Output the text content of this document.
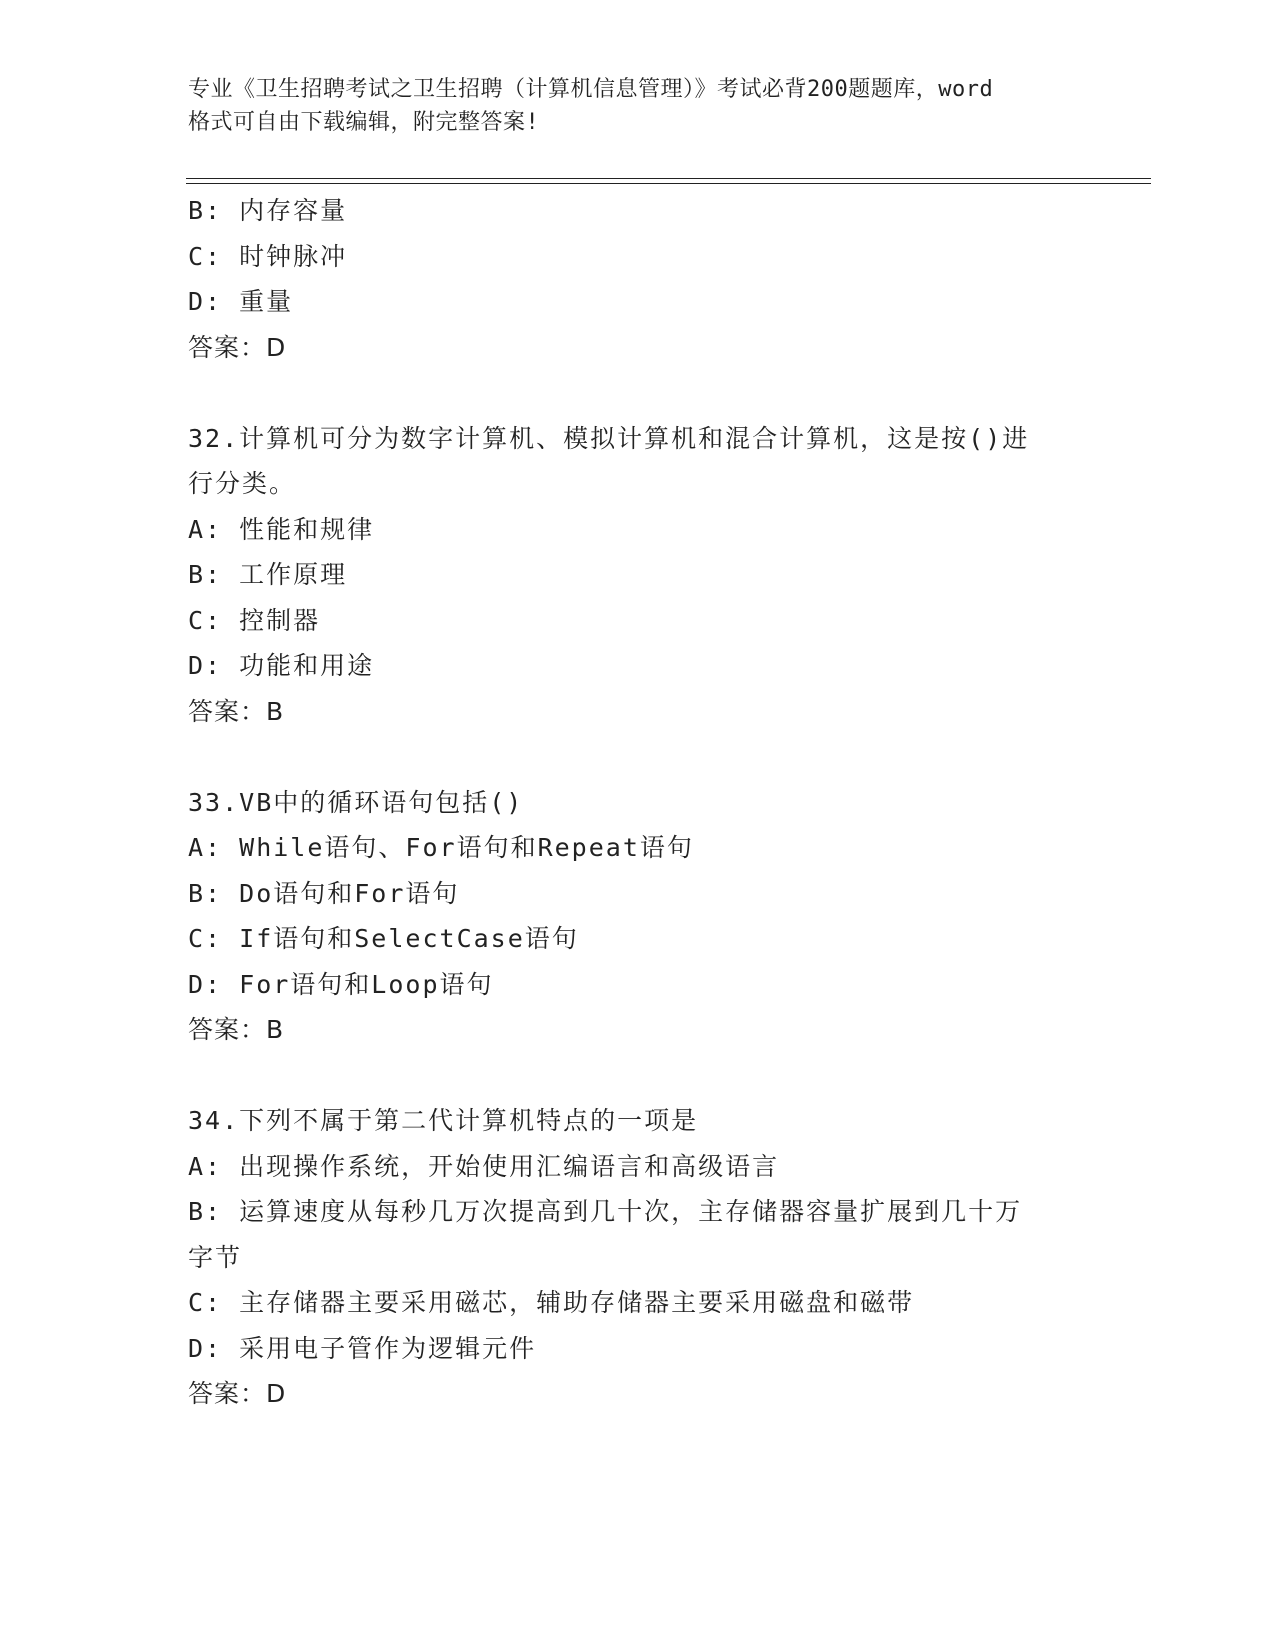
专业《卫生招聘考试之卫生招聘（计算机信息管理）》考试必背200题题库，word
格式可自由下载编辑，附完整答案!
B: 内存容量
C: 时钟脉冲
D: 重量
答案：D
32.计算机可分为数字计算机、模拟计算机和混合计算机，这是按()进
行分类。
A: 性能和规律
B: 工作原理
C: 控制器
D: 功能和用途
答案：B
33.VB中的循环语句包括()
A: While语句、For语句和Repeat语句
B: Do语句和For语句
C: If语句和SelectCase语句
D: For语句和Loop语句
答案：B
34.下列不属于第二代计算机特点的一项是
A: 出现操作系统，开始使用汇编语言和高级语言
B: 运算速度从每秒几万次提高到几十次，主存储器容量扩展到几十万
字节
C: 主存储器主要采用磁芯，辅助存储器主要采用磁盘和磁带
D: 采用电子管作为逻辑元件
答案：D
